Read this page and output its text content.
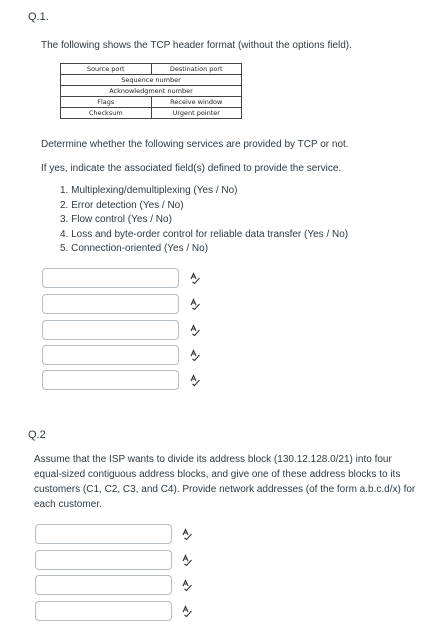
Q.1.
The following shows the TCP header format (without the options field).
Source port	Destination port
Sequence number	
Acknowledgment number	
Flags	Receive window
Checksum	Urgent pointer
Determine whether the following services are provided by TCP or not.
If yes, indicate the associated field(s) defined to provide the service.
1. Multiplexing/demultiplexing (Yes / No)
2. Error detection (Yes / No)
3. Flow control (Yes / No)
4. Loss and byte-order control for reliable data transfer (Yes / No)
5. Connection-oriented (Yes / No)
Q.2
Assume that the ISP wants to divide its address block (130.12.128.0/21) into four equal-sized contiguous address blocks, and give one of these address blocks to its customers (C1, C2, C3, and C4). Provide network addresses (of the form a.b.c.d/x) for each customer.
